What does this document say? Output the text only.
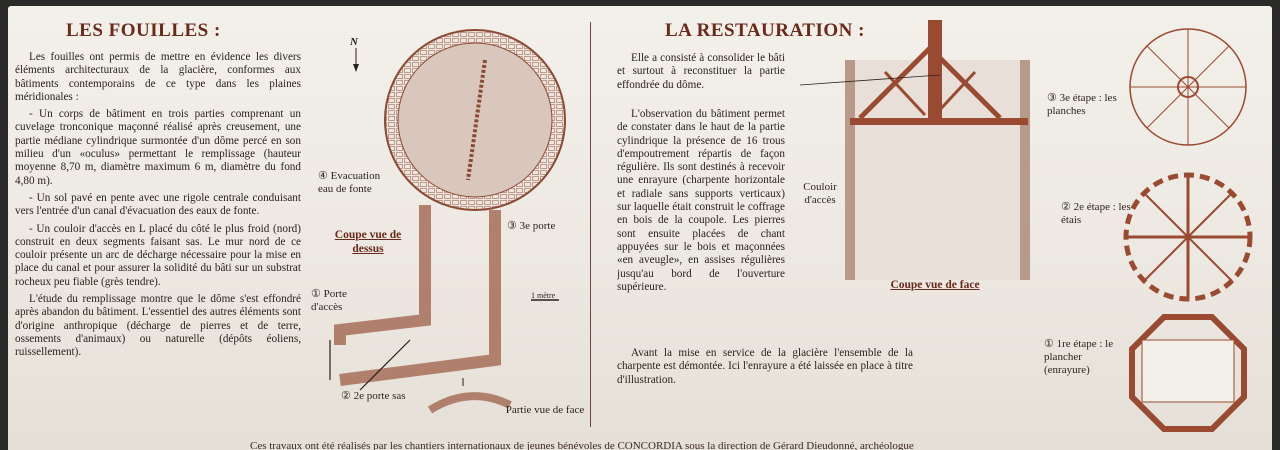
LES FOUILLES :

Les fouilles ont permis de mettre en évidence les divers éléments architecturaux de la glacière, conformes aux bâtiments contemporains de ce type dans les plaines méridionales :

- Un corps de bâtiment en trois parties comprenant un cuvelage tronconique maçonné réalisé après creusement, une partie médiane cylindrique surmontée d'un dôme percé en son milieu d'un «oculus» permettant le remplissage (hauteur moyenne 8,70 m, diamètre maximum 6 m, diamètre du fond 4,80 m).

- Un sol pavé en pente avec une rigole centrale conduisant vers l'entrée d'un canal d'évacuation des eaux de fonte.

- Un couloir d'accès en L placé du côté le plus froid (nord) construit en deux segments faisant sas. Le mur nord de ce couloir présente un arc de décharge nécessaire pour la mise en place du canal et pour assurer la solidité du bâti sur un substrat rocheux peu fiable (grès tendre).

L'étude du remplissage montre que le dôme s'est effondré après abandon du bâtiment. L'essentiel des autres éléments sont d'origine anthropique (décharge de pierres et de terre, ossements d'animaux) ou naturelle (dépôts éoliens, ruissellement).

N
④ Evacuation eau de fonte
Coupe vue de dessus
③ 3e porte
① Porte d'accès
1 mètre
② 2e porte sas
Partie vue de face
LA RESTAURATION :

Elle a consisté à consolider le bâti et surtout à reconstituer la partie effondrée du dôme.

L'observation du bâtiment permet de constater dans le haut de la partie cylindrique la présence de 16 trous d'empoutrement répartis de façon régulière. Ils sont destinés à recevoir une enrayure (charpente horizontale et radiale sans supports verticaux) sur laquelle était construit le coffrage en bois de la coupole. Les pierres sont ensuite placées de chant appuyées sur le bois et maçonnées «en aveugle», en assises régulières jusqu'au bord de l'ouverture supérieure.

Avant la mise en service de la glacière l'ensemble de la charpente est démontée. Ici l'enrayure a été laissée en place à titre d'illustration.

Couloir d'accès
Coupe vue de face
③ 3e étape : les planches
② 2e étape : les étais
① 1re étape : le plancher (enrayure)
Ces travaux ont été réalisés par les chantiers internationaux de jeunes bénévoles de CONCORDIA sous la direction de Gérard Dieudonné, archéologue
